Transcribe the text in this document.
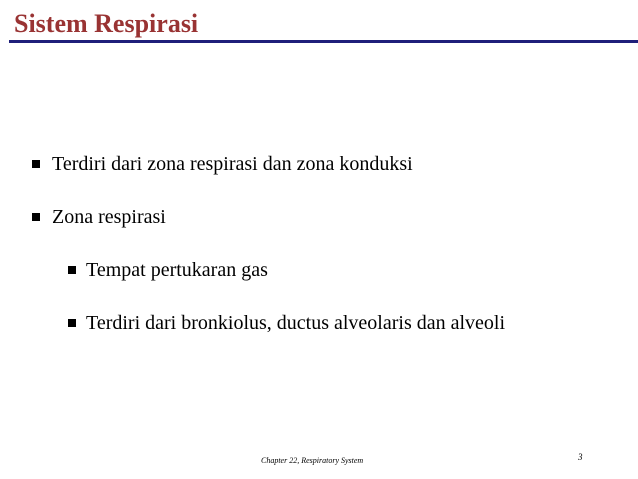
Sistem Respirasi
Terdiri dari zona respirasi dan zona konduksi
Zona respirasi
Tempat pertukaran gas
Terdiri dari bronkiolus, ductus alveolaris dan alveoli
Chapter 22, Respiratory System	3
